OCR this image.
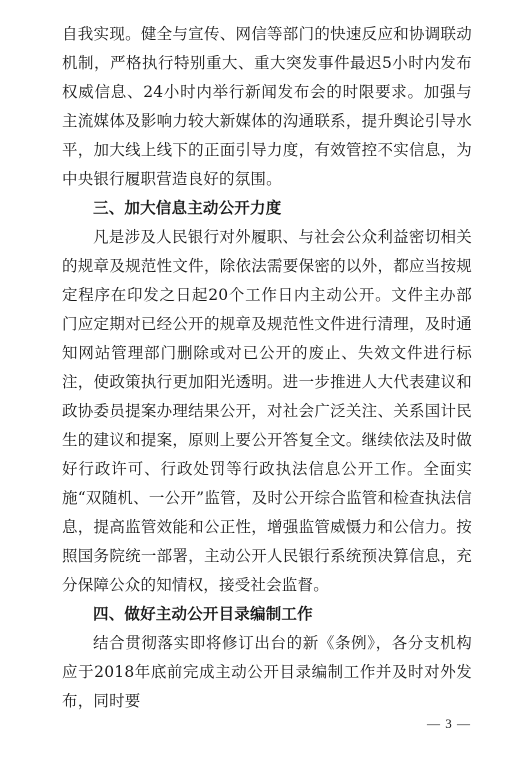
自我实现。健全与宣传、网信等部门的快速反应和协调联动机制，严格执行特别重大、重大突发事件最迟5小时内发布权威信息、24小时内举行新闻发布会的时限要求。加强与主流媒体及影响力较大新媒体的沟通联系，提升舆论引导水平，加大线上线下的正面引导力度，有效管控不实信息，为中央银行履职营造良好的氛围。

三、加大信息主动公开力度

凡是涉及人民银行对外履职、与社会公众利益密切相关的规章及规范性文件，除依法需要保密的以外，都应当按规定程序在印发之日起20个工作日内主动公开。文件主办部门应定期对已经公开的规章及规范性文件进行清理，及时通知网站管理部门删除或对已公开的废止、失效文件进行标注，使政策执行更加阳光透明。进一步推进人大代表建议和政协委员提案办理结果公开，对社会广泛关注、关系国计民生的建议和提案，原则上要公开答复全文。继续依法及时做好行政许可、行政处罚等行政执法信息公开工作。全面实施“双随机、一公开”监管，及时公开综合监管和检查执法信息，提高监管效能和公正性，增强监管威慑力和公信力。按照国务院统一部署，主动公开人民银行系统预决算信息，充分保障公众的知情权，接受社会监督。

四、做好主动公开目录编制工作

结合贯彻落实即将修订出台的新《条例》，各分支机构应于2018年底前完成主动公开目录编制工作并及时对外发布，同时要

— 3 —
